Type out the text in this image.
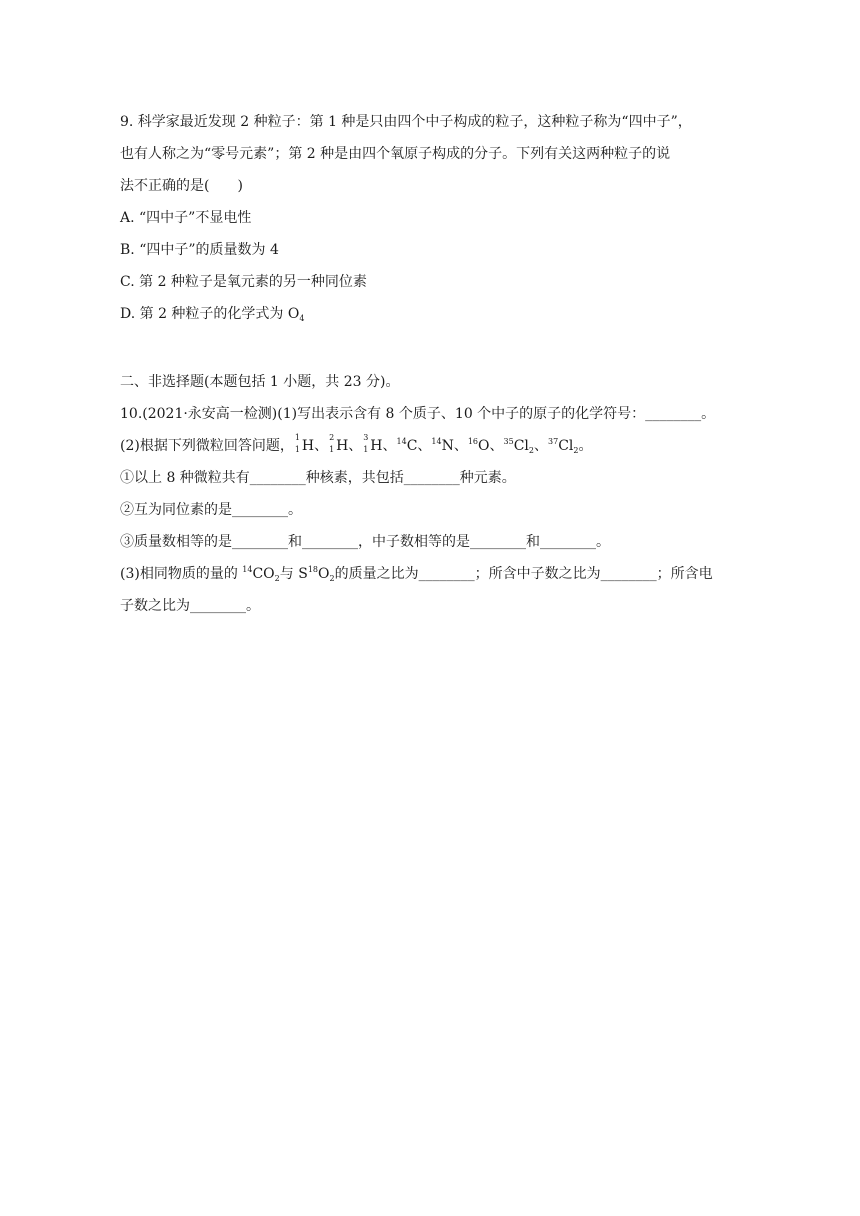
9. 科学家最近发现 2 种粒子：第 1 种是只由四个中子构成的粒子，这种粒子称为“四中子”，
也有人称之为“零号元素”；第 2 种是由四个氧原子构成的分子。下列有关这两种粒子的说
法不正确的是(　　)
A. “四中子”不显电性
B. “四中子”的质量数为 4
C. 第 2 种粒子是氧元素的另一种同位素
D. 第 2 种粒子的化学式为 $O_4$
二、非选择题(本题包括 1 小题，共 23 分)。
10.(2021·永安高一检测)(1)写出表示含有 8 个质子、10 个中子的原子的化学符号：________。
(2)根据下列微粒回答问题，
1
1 H、
2
1 H、
3
1 H、$^{14}$C、$^{14}$N、$^{16}$O、$^{35}Cl_2$、$^{37}Cl_2$。
①以上 8 种微粒共有________种核素，共包括________种元素。
②互为同位素的是________。
③质量数相等的是________和________，中子数相等的是________和________。
(3)相同物质的量的 $^{14}CO_2$与 $S^{18}O_2$的质量之比为________；所含中子数之比为________；所含电
子数之比为________。
